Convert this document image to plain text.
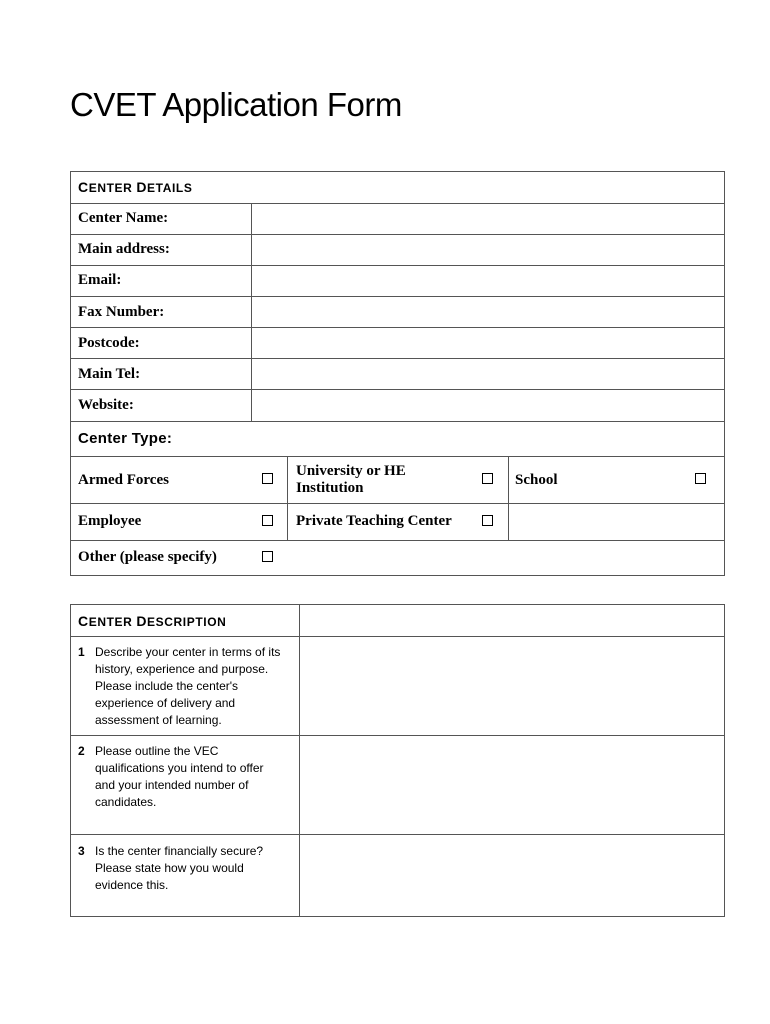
CVET Application Form
CENTER DETAILS
Center Name:
Main address:
Email:
Fax Number:
Postcode:
Main Tel:
Website:
Center Type:
Armed Forces
University or HE Institution	School
Employee	Private Teaching Center
Other (please specify)
CENTER DESCRIPTION
1 Describe your center in terms of its history, experience and purpose. Please include the center's experience of delivery and assessment of learning.
2 Please outline the VEC qualifications you intend to offer and your intended number of candidates.
3 Is the center financially secure? Please state how you would evidence this.
